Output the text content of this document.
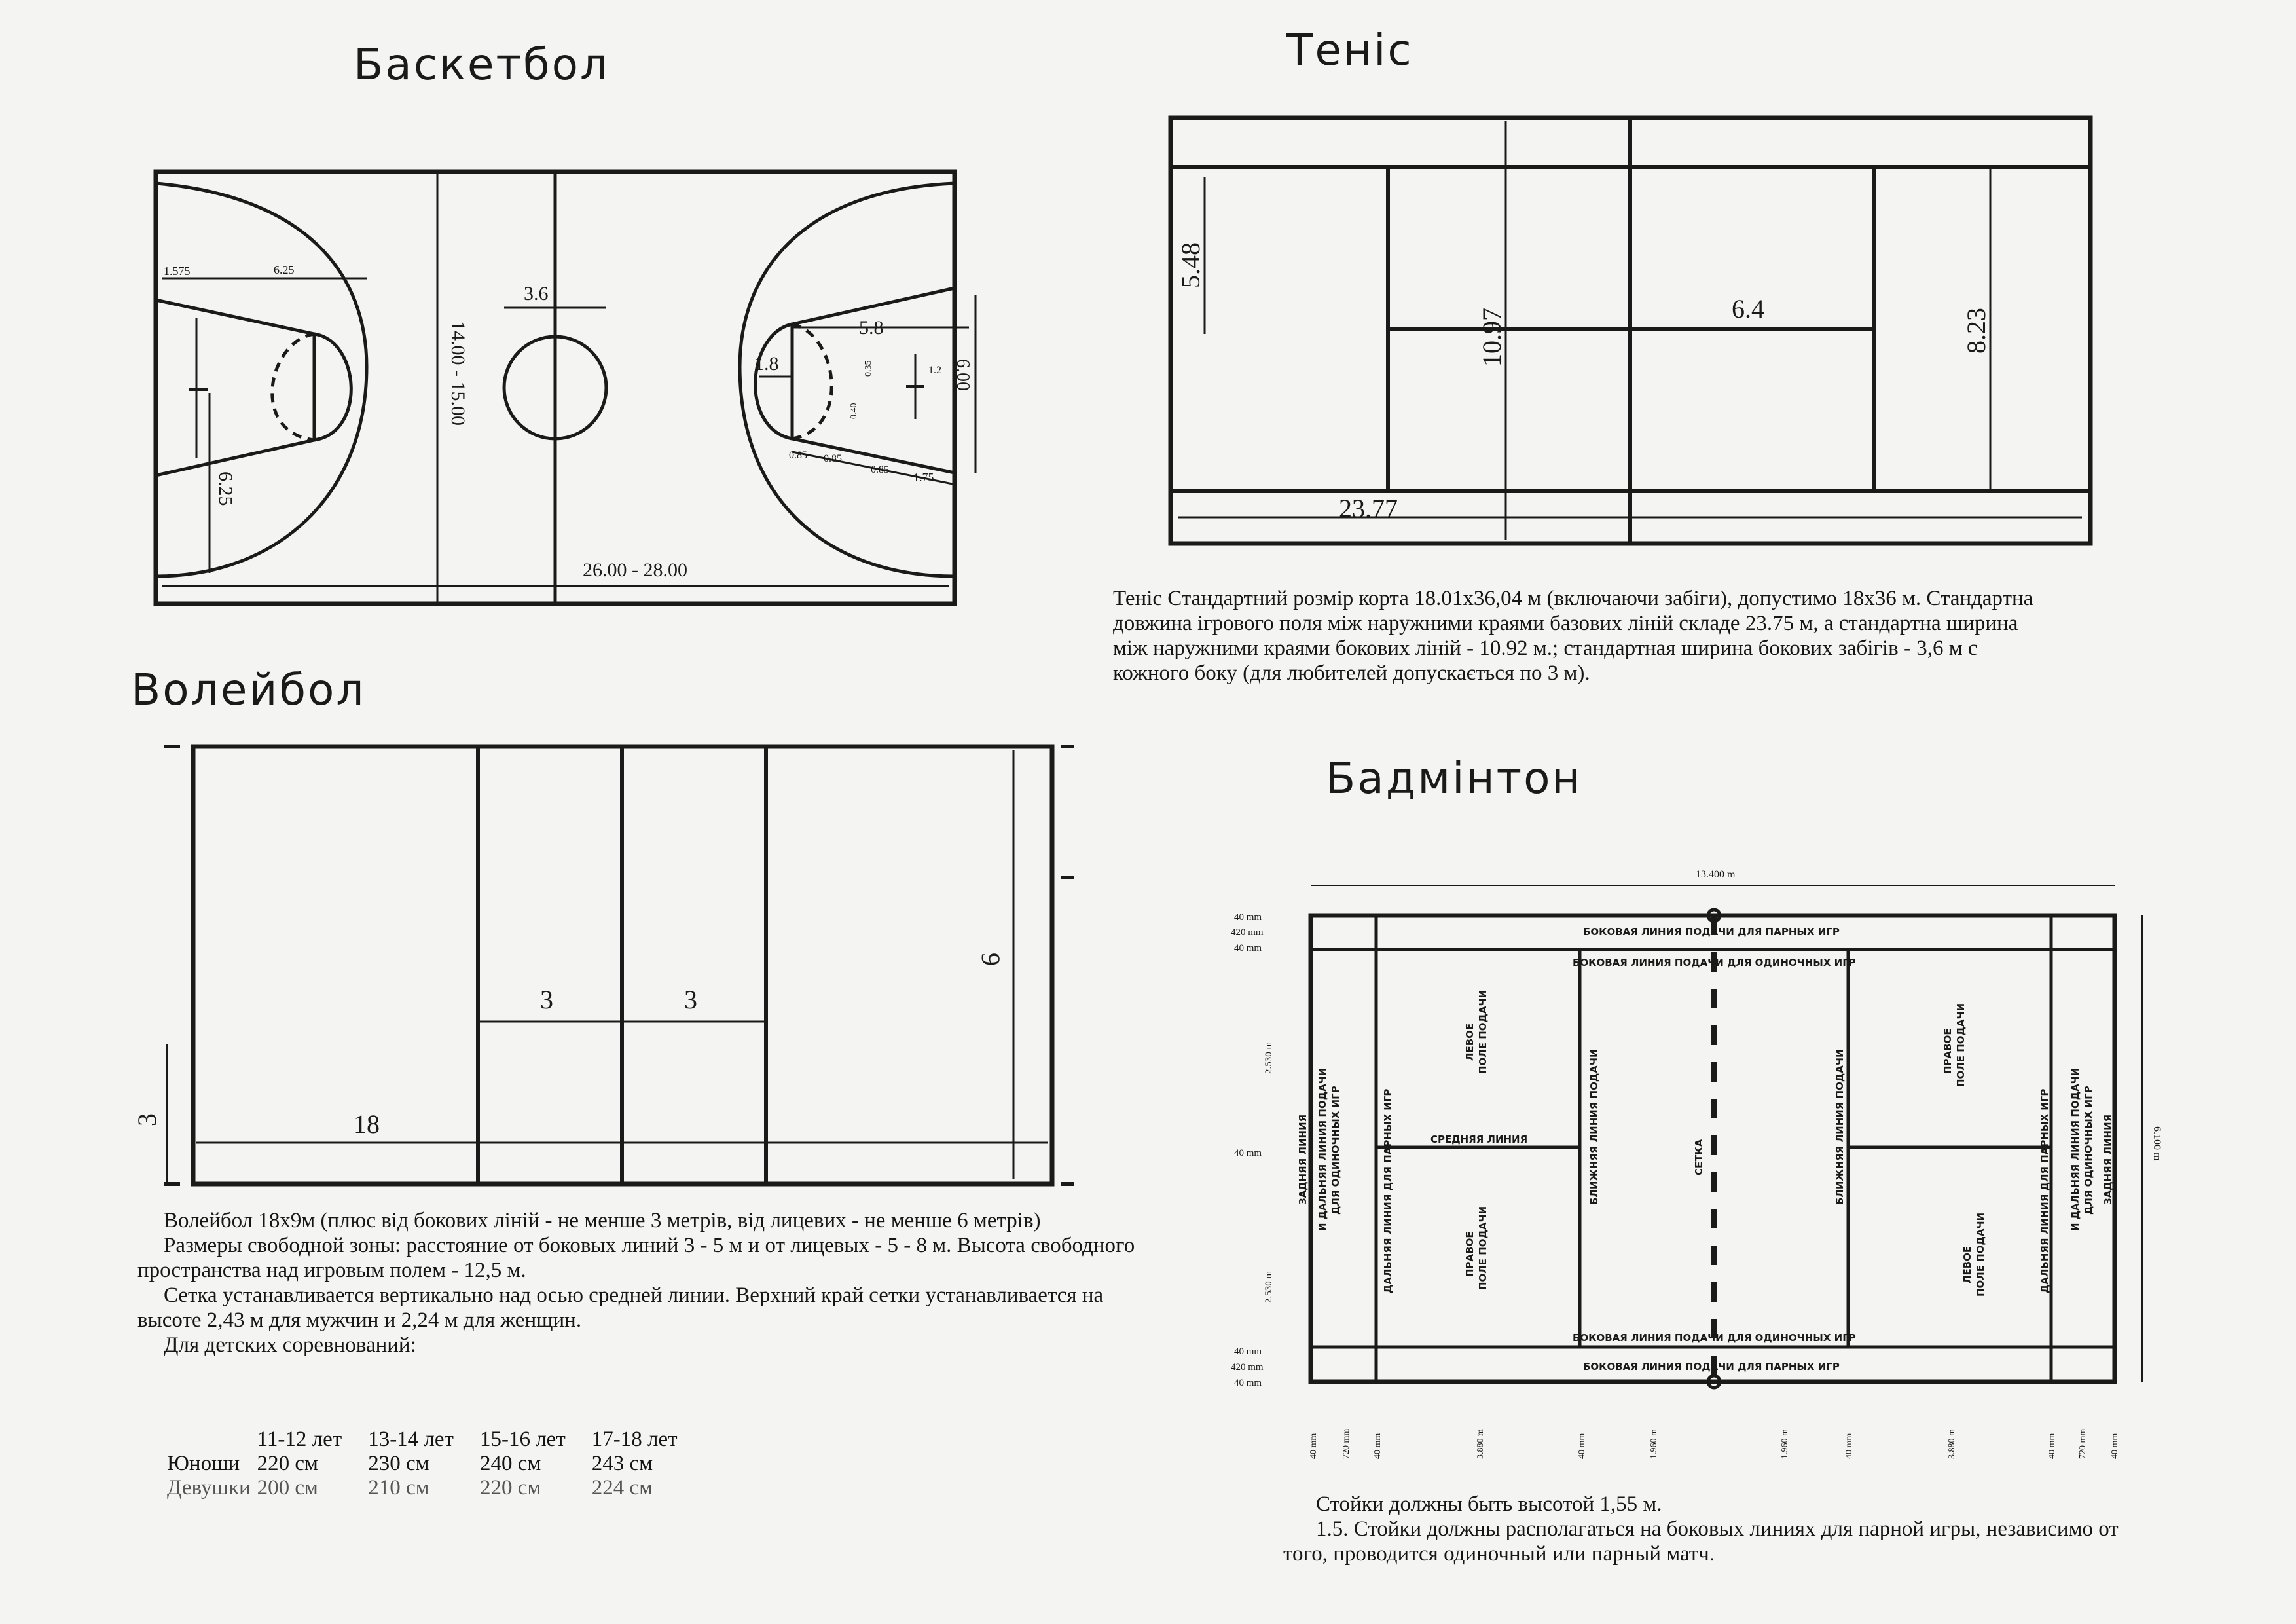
Баскетбол	Теніс
Волейбол
Бадмінтон
1.575	6.25
3.6
14.00 - 15.00	5.8
1.8	0.35
0.40
1.2 6.00
6.25
0.85 0.85
0.85
1.75
26.00 - 28.00
5.48
10.97	6.4	8.23
23.77
3
3	3
18
9
13.400 m
6.100 m
40 mm
420 mm
40 mm
2.530 m
40 mm
2.530 m
40 mm
420 mm
40 mm
40 mm	720 mm 40 mm	3.880 m	40 mm	1.960 m	1.960 m	40 mm	3.880 m	40 mm 720 mm 40 mm
БОКОВАЯ ЛИНИЯ ПОДАЧИ ДЛЯ ПАРНЫХ ИГР
БОКОВАЯ ЛИНИЯ ПОДАЧИ ДЛЯ ОДИНОЧНЫХ ИГР
БОКОВАЯ ЛИНИЯ ПОДАЧИ ДЛЯ ОДИНОЧНЫХ ИГР
БОКОВАЯ ЛИНИЯ ПОДАЧИ ДЛЯ ПАРНЫХ ИГР
ЗАДНЯЯ ЛИНИЯ И ДАЛЬНЯЯ ЛИНИЯ ПОДАЧИ ДЛЯ ОДИНОЧНЫХ ИГР	ДАЛЬНЯЯ ЛИНИЯ ДЛЯ ПАРНЫХ ИГР	СРЕДНЯЯ ЛИНИЯ
ЛЕВОЕ ПОЛЕ ПОДАЧИ
ПРАВОЕ ПОЛЕ ПОДАЧИ
БЛИЖНЯЯ ЛИНИЯ ПОДАЧИ	СЕТКА	БЛИЖНЯЯ ЛИНИЯ ПОДАЧИ	ПРАВОЕ ПОЛЕ ПОДАЧИ
ЛЕВОЕ ПОЛЕ ПОДАЧИ	ДАЛЬНЯЯ ЛИНИЯ ДЛЯ ПАРНЫХ ИГР И ДАЛЬНЯЯ ЛИНИЯ ПОДАЧИ ДЛЯ ОДИНОЧНЫХ ИГР ЗАДНЯЯ ЛИНИЯ

Теніс Стандартний розмір корта 18.01x36,04 м (включаючи забіги), допустимо 18x36 м. Стандартна довжина ігрового поля між наружними краями базових ліній складе 23.75 м, а стандартна ширина між наружними краями бокових ліній - 10.92 м.; стандартная ширина бокових забігів - 3,6 м с кожного боку (для любителей допускається по 3 м).

Волейбол 18х9м (плюс від бокових ліній - не менше 3 метрів, від лицевих - не менше 6 метрів)

Размеры свободной зоны: расстояние от боковых линий 3 - 5 м и от лицевых - 5 - 8 м. Высота свободного пространства над игровым полем - 12,5 м.

Сетка устанавливается вертикально над осью средней линии. Верхний край сетки устанавливается на высоте 2,43 м для мужчин и 2,24 м для женщин.

Для детских соревнований:

	11-12 лет	13-14 лет	15-16 лет	17-18 лет
Юноши	220 см	230 см	240 см	243 см
Девушки	200 см	210 см	220 см	224 см

Стойки должны быть высотой 1,55 м.

1.5. Стойки должны располагаться на боковых линиях для парной игры, независимо от того, проводится одиночный или парный матч.
